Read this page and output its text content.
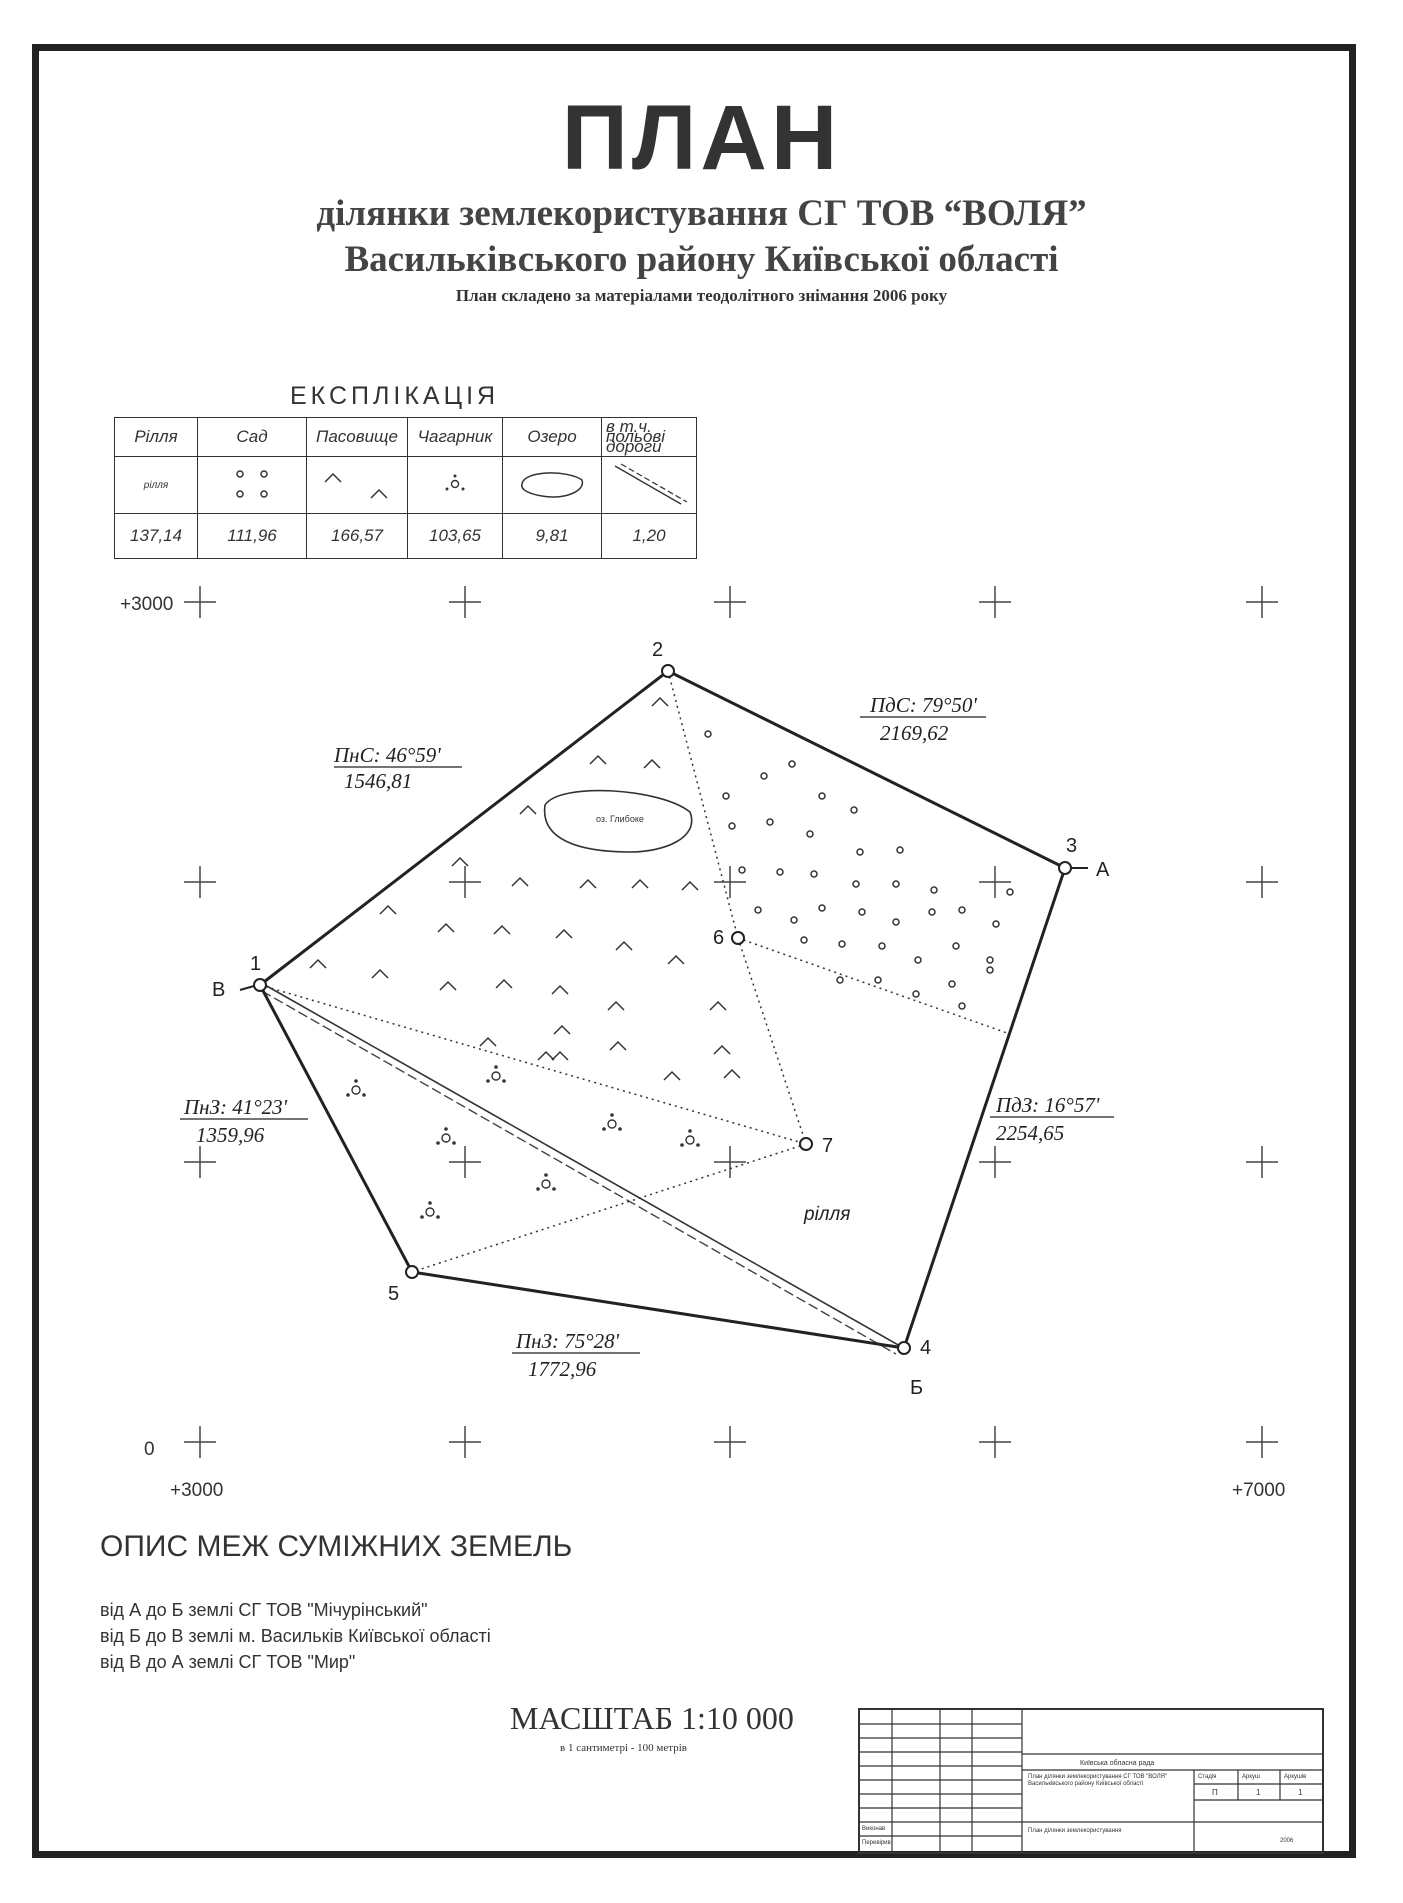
ПЛАН
ділянки землекористування СГ ТОВ “ВОЛЯ”
Васильківського району Київської області
План складено за матеріалами теодолітного знімання 2006 року
ЕКСПЛІКАЦІЯ
Рілля	Сад	Пасовище	Чагарник	Озеро	в т.ч. польові дороги
рілля					
137,14	111,96	166,57	103,65	9,81	1,20
+3000
0
+3000	+7000
оз. Глибоке
рілля
1
2
3
4
5
6
7
А
Б
В
ПнС: 46°59'
1546,81
ПдС: 79°50'
2169,62
ПдЗ: 16°57'
2254,65
ПнЗ: 75°28'
1772,96
ПнЗ: 41°23'
1359,96
ОПИС МЕЖ СУМІЖНИХ ЗЕМЕЛЬ
від А до Б землі СГ ТОВ "Мічурінський"
від Б до В землі м. Васильків Київської області
від В до А землі СГ ТОВ "Мир"
МАСШТАБ 1:10 000
в 1 сантиметрі - 100 метрів
Київська обласна рада
План ділянки землекористування СГ ТОВ "ВОЛЯ" Васильківського району Київської області
Стадія	Аркуш	Аркушів
П	1	1
План ділянки землекористування
Виконав
Перевірив	2006
